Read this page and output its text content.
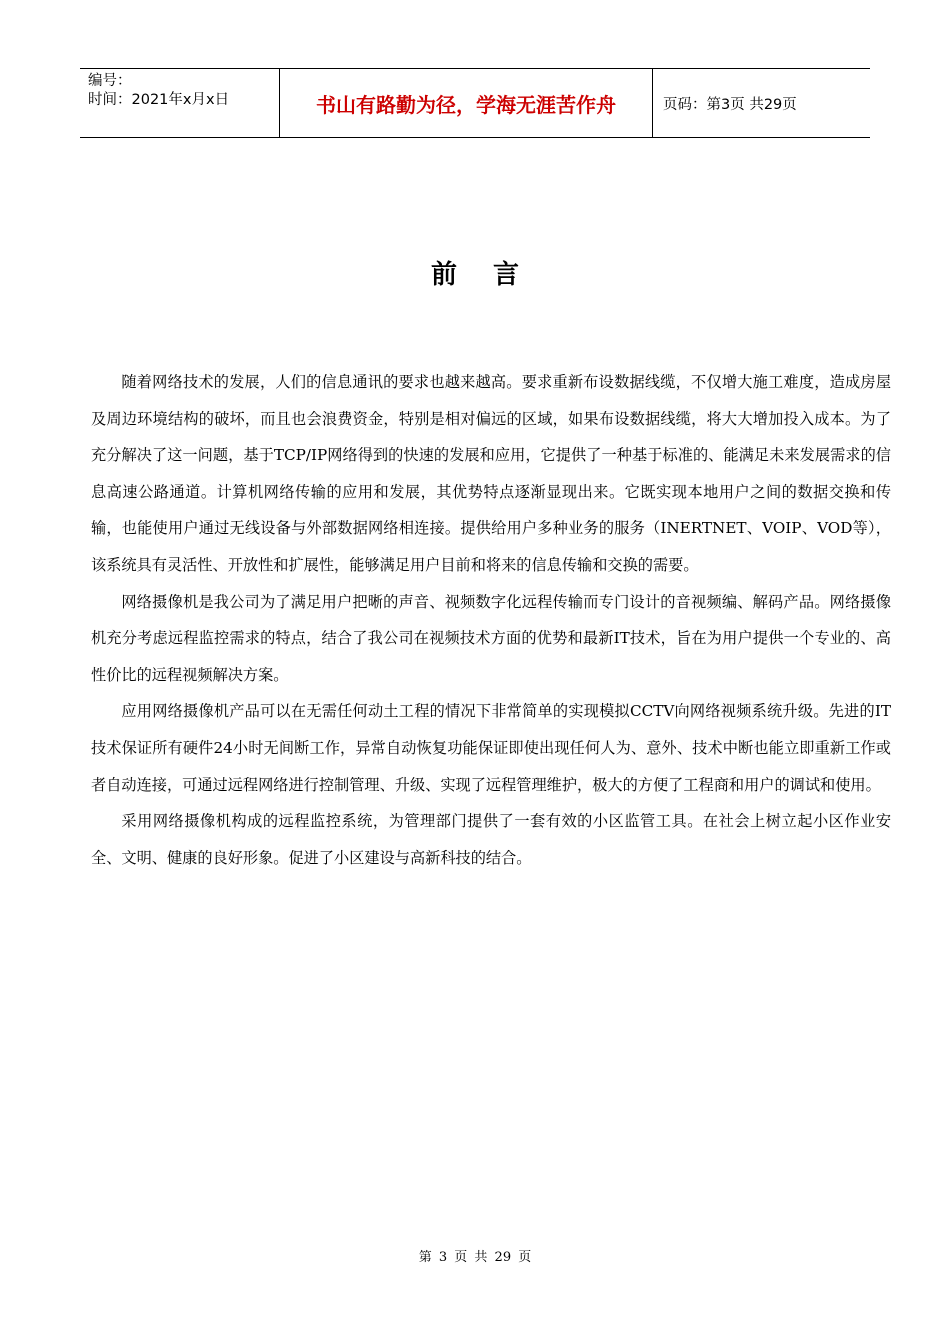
编号：
时间：2021年x月x日	书山有路勤为径，学海无涯苦作舟	页码：第3页 共29页
前言

随着网络技术的发展，人们的信息通讯的要求也越来越高。要求重新布设数据线缆，不仅增大施工难度，造成房屋及周边环境结构的破坏，而且也会浪费资金，特别是相对偏远的区域，如果布设数据线缆，将大大增加投入成本。为了充分解决了这一问题，基于TCP/IP网络得到的快速的发展和应用，它提供了一种基于标准的、能满足未来发展需求的信息高速公路通道。计算机网络传输的应用和发展，其优势特点逐渐显现出来。它既实现本地用户之间的数据交换和传输，也能使用户通过无线设备与外部数据网络相连接。提供给用户多种业务的服务（INERTNET、VOIP、VOD等），该系统具有灵活性、开放性和扩展性，能够满足用户目前和将来的信息传输和交换的需要。

网络摄像机是我公司为了满足用户把晰的声音、视频数字化远程传输而专门设计的音视频编、解码产品。网络摄像机充分考虑远程监控需求的特点，结合了我公司在视频技术方面的优势和最新IT技术，旨在为用户提供一个专业的、高性价比的远程视频解决方案。

应用网络摄像机产品可以在无需任何动土工程的情况下非常简单的实现模拟CCTV向网络视频系统升级。先进的IT技术保证所有硬件24小时无间断工作，异常自动恢复功能保证即使出现任何人为、意外、技术中断也能立即重新工作或者自动连接，可通过远程网络进行控制管理、升级、实现了远程管理维护，极大的方便了工程商和用户的调试和使用。

采用网络摄像机构成的远程监控系统，为管理部门提供了一套有效的小区监管工具。在社会上树立起小区作业安全、文明、健康的良好形象。促进了小区建设与高新科技的结合。

第 3 页 共 29 页
